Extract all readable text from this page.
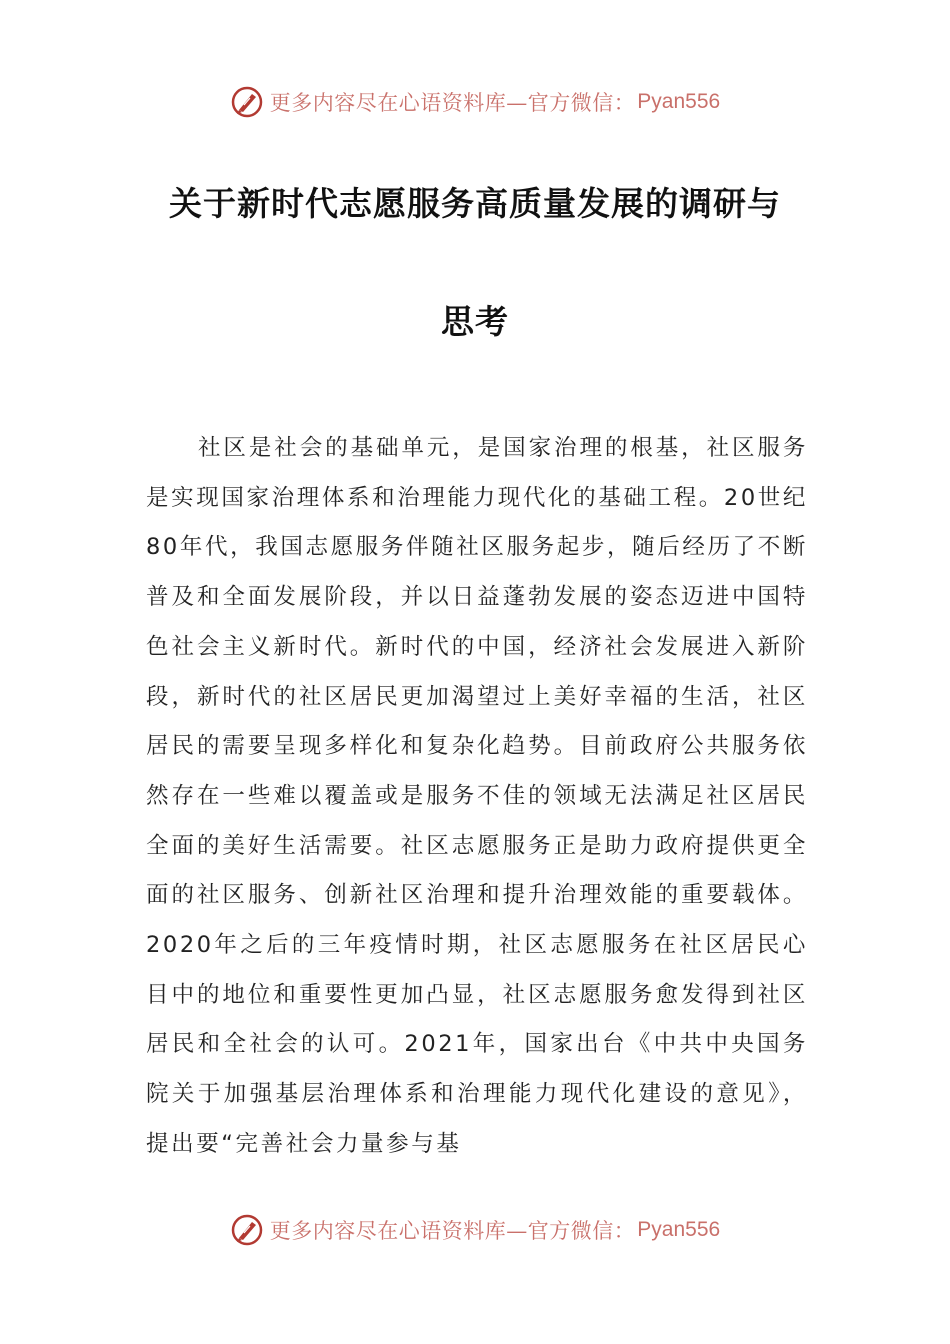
更多内容尽在心语资料库—官方微信： Pyan556
关于新时代志愿服务高质量发展的调研与
思考

社区是社会的基础单元，是国家治理的根基，社区服务是实现国家治理体系和治理能力现代化的基础工程。20世纪80年代，我国志愿服务伴随社区服务起步，随后经历了不断普及和全面发展阶段，并以日益蓬勃发展的姿态迈进中国特色社会主义新时代。新时代的中国，经济社会发展进入新阶段，新时代的社区居民更加渴望过上美好幸福的生活，社区居民的需要呈现多样化和复杂化趋势。目前政府公共服务依然存在一些难以覆盖或是服务不佳的领域无法满足社区居民全面的美好生活需要。社区志愿服务正是助力政府提供更全面的社区服务、创新社区治理和提升治理效能的重要载体。2020年之后的三年疫情时期，社区志愿服务在社区居民心目中的地位和重要性更加凸显，社区志愿服务愈发得到社区居民和全社会的认可。2021年，国家出台《中共中央国务院关于加强基层治理体系和治理能力现代化建设的意见》，提出要“完善社会力量参与基

更多内容尽在心语资料库—官方微信： Pyan556
